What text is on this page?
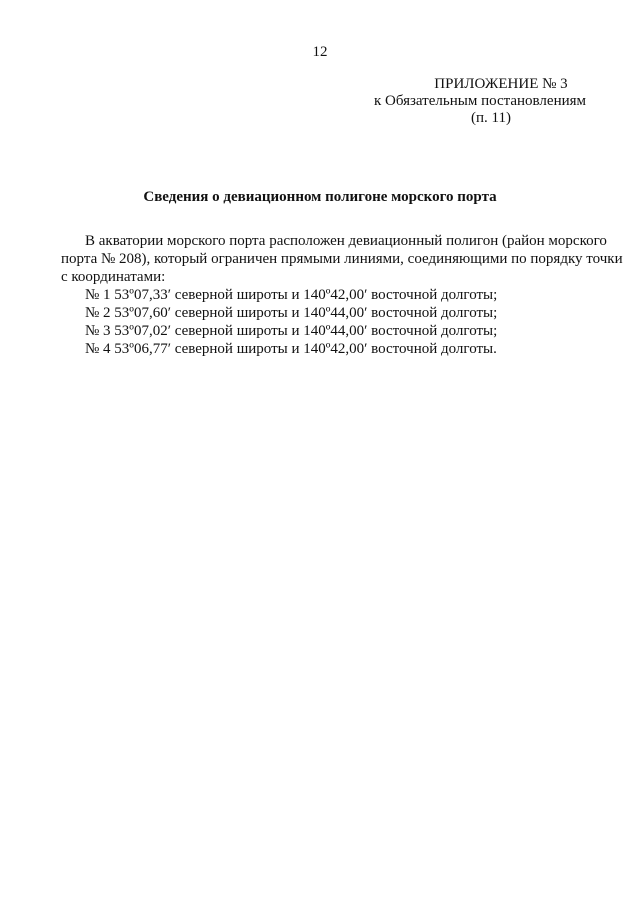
12
ПРИЛОЖЕНИЕ № 3
к Обязательным постановлениям
(п. 11)
Сведения о девиационном полигоне морского порта
В акватории морского порта расположен девиационный полигон (район морского
порта № 208), который ограничен прямыми линиями, соединяющими по порядку точки
с координатами:
№ 1 53º07,33′ северной широты и 140º42,00′ восточной долготы;
№ 2 53º07,60′ северной широты и 140º44,00′ восточной долготы;
№ 3 53º07,02′ северной широты и 140º44,00′ восточной долготы;
№ 4 53º06,77′ северной широты и 140º42,00′ восточной долготы.
